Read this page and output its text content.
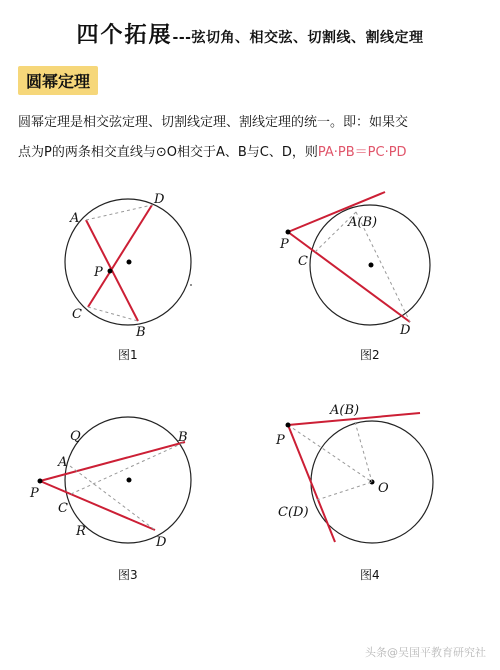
四个拓展---弦切角、相交弦、切割线、割线定理
圆幂定理
圆幂定理是相交弦定理、切割线定理、割线定理的统一。即：如果交
点为P的两条相交直线与⊙O相交于A、B与C、D，则PA·PB＝PC·PD
A
D
P
C
B
A(B)
P
C
D
Q	B
A
P
C
R
D
A(B)
P
O
C(D)
图1	图2
图3	图4
头条@吴国平教育研究社
